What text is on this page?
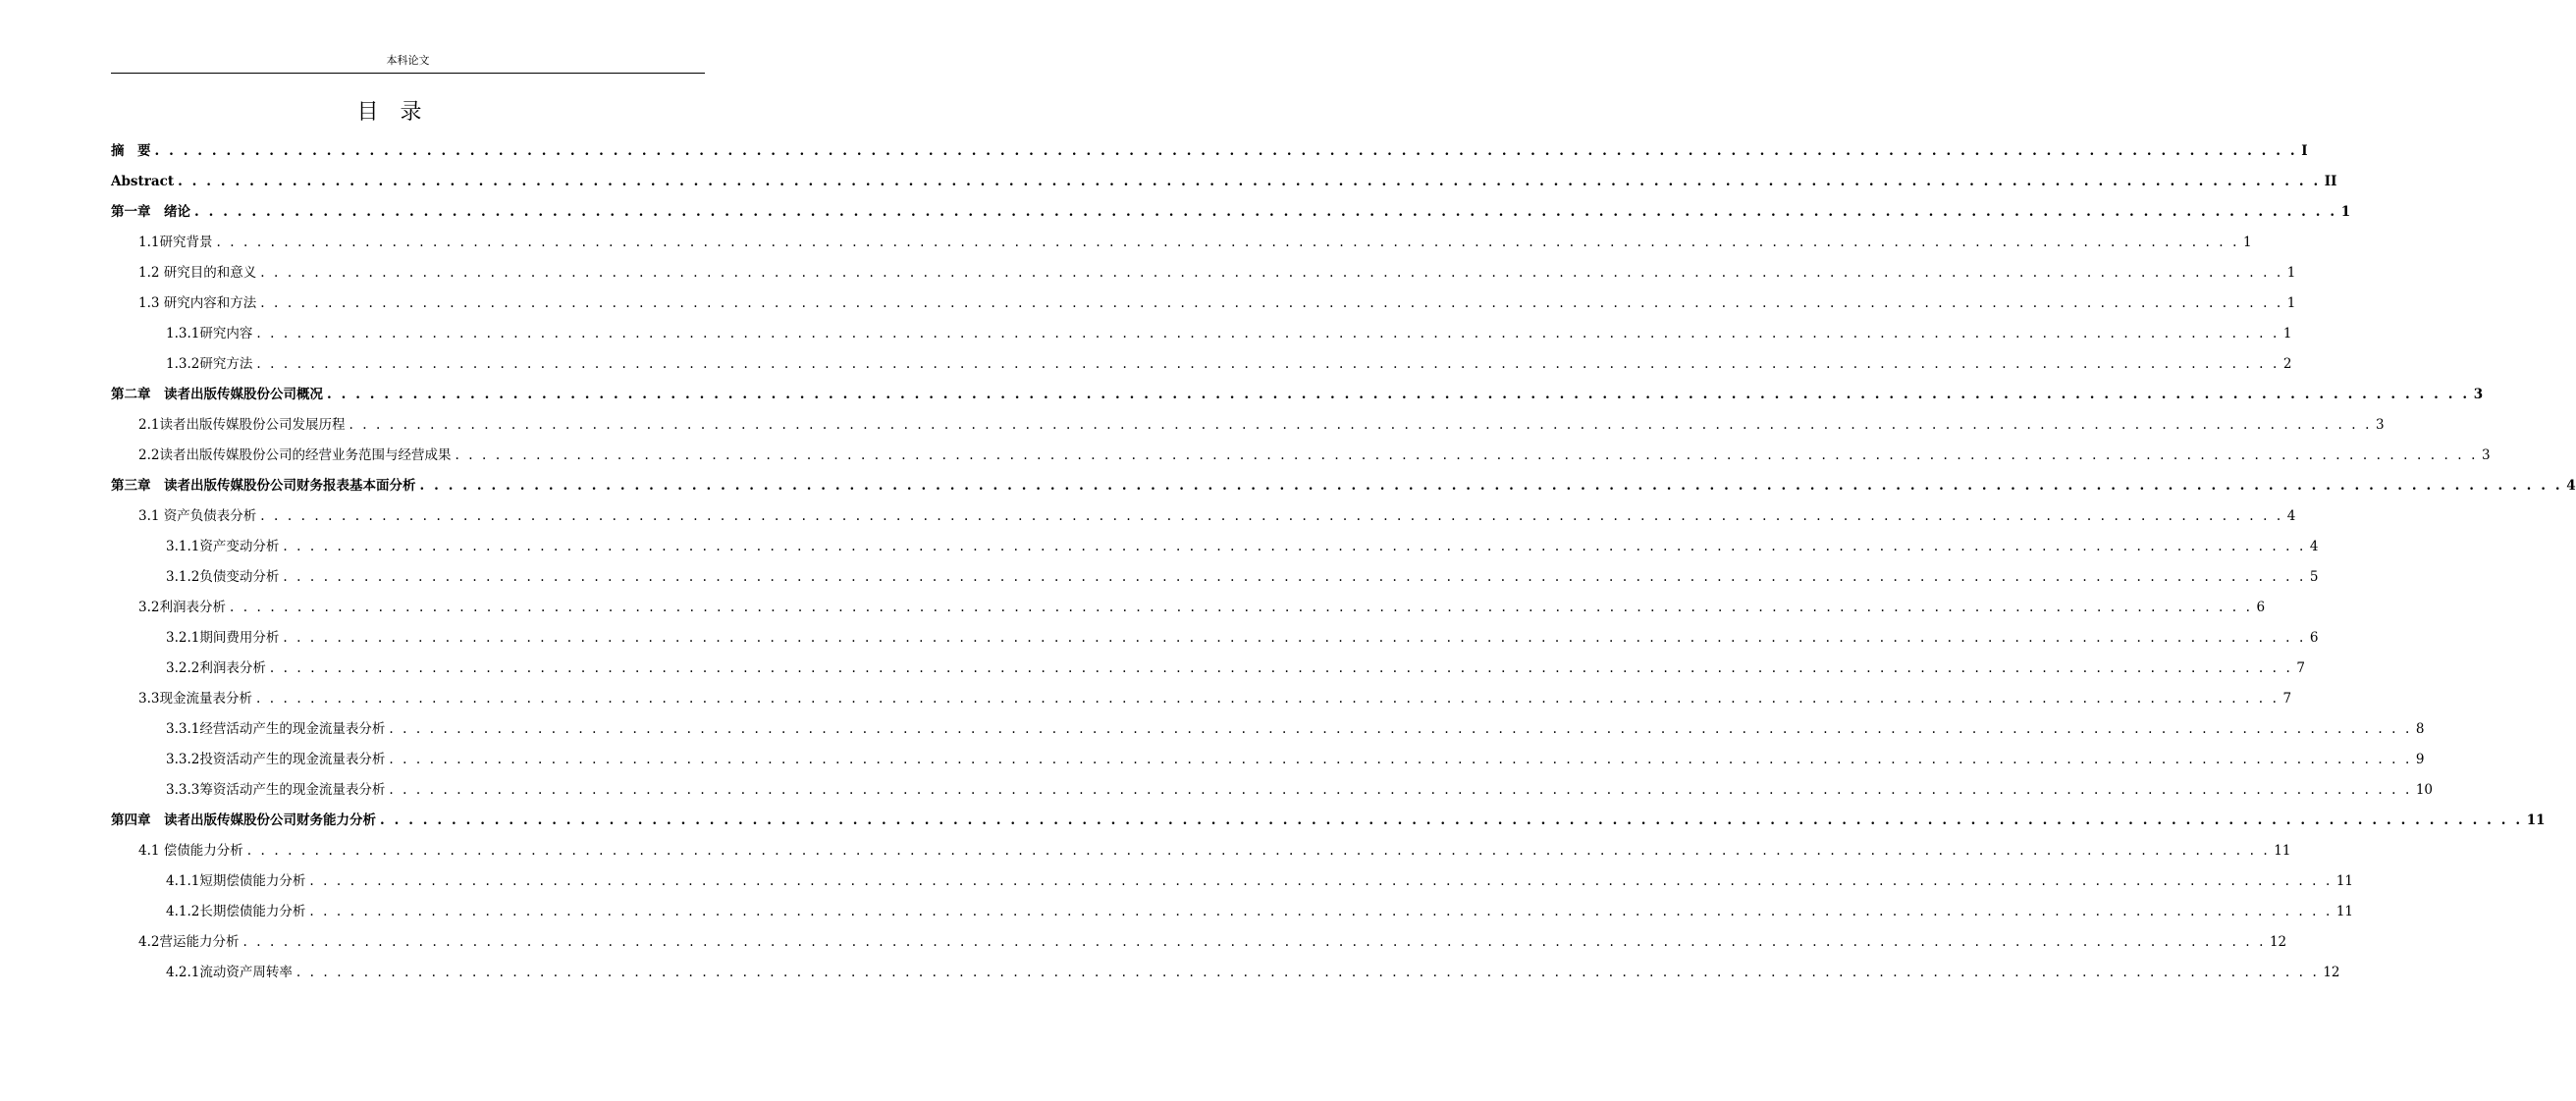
本科论文
目录
摘　要 . . . . . . . . . . . . . . . . . . . . . . . . . . . . . . . . . . . . . . . . . . . . . . . . . . . . . . . . . . . . . . . . . . . . . . . . . . . . . . . . . . . . . . . . . . . . . . . . . . . . . . . . . . . . . . . . . . . . . . . . . . . . . . . . . . . . . . . . . . . . . . . . . . . . . . I
Abstract . . . . . . . . . . . . . . . . . . . . . . . . . . . . . . . . . . . . . . . . . . . . . . . . . . . . . . . . . . . . . . . . . . . . . . . . . . . . . . . . . . . . . . . . . . . . . . . . . . . . . . . . . . . . . . . . . . . . . . . . . . . . . . . . . . . . . . . . . . . . . . . . . . . . . . II
第一章　绪论 . . . . . . . . . . . . . . . . . . . . . . . . . . . . . . . . . . . . . . . . . . . . . . . . . . . . . . . . . . . . . . . . . . . . . . . . . . . . . . . . . . . . . . . . . . . . . . . . . . . . . . . . . . . . . . . . . . . . . . . . . . . . . . . . . . . . . . . . . . . . . . . . . . . . . . 1
1.1研究背景 . . . . . . . . . . . . . . . . . . . . . . . . . . . . . . . . . . . . . . . . . . . . . . . . . . . . . . . . . . . . . . . . . . . . . . . . . . . . . . . . . . . . . . . . . . . . . . . . . . . . . . . . . . . . . . . . . . . . . . . . . . . . . . . . . . . . . . . . . . . . . . . . . . . . . . 1
1.2 研究目的和意义 . . . . . . . . . . . . . . . . . . . . . . . . . . . . . . . . . . . . . . . . . . . . . . . . . . . . . . . . . . . . . . . . . . . . . . . . . . . . . . . . . . . . . . . . . . . . . . . . . . . . . . . . . . . . . . . . . . . . . . . . . . . . . . . . . . . . . . . . . . . . . . . . . . . . . . 1
1.3 研究内容和方法 . . . . . . . . . . . . . . . . . . . . . . . . . . . . . . . . . . . . . . . . . . . . . . . . . . . . . . . . . . . . . . . . . . . . . . . . . . . . . . . . . . . . . . . . . . . . . . . . . . . . . . . . . . . . . . . . . . . . . . . . . . . . . . . . . . . . . . . . . . . . . . . . . . . . . . 1
1.3.1研究内容 . . . . . . . . . . . . . . . . . . . . . . . . . . . . . . . . . . . . . . . . . . . . . . . . . . . . . . . . . . . . . . . . . . . . . . . . . . . . . . . . . . . . . . . . . . . . . . . . . . . . . . . . . . . . . . . . . . . . . . . . . . . . . . . . . . . . . . . . . . . . . . . . . . . . . . 1
1.3.2研究方法 . . . . . . . . . . . . . . . . . . . . . . . . . . . . . . . . . . . . . . . . . . . . . . . . . . . . . . . . . . . . . . . . . . . . . . . . . . . . . . . . . . . . . . . . . . . . . . . . . . . . . . . . . . . . . . . . . . . . . . . . . . . . . . . . . . . . . . . . . . . . . . . . . . . . . . 2
第二章　读者出版传媒股份公司概况 . . . . . . . . . . . . . . . . . . . . . . . . . . . . . . . . . . . . . . . . . . . . . . . . . . . . . . . . . . . . . . . . . . . . . . . . . . . . . . . . . . . . . . . . . . . . . . . . . . . . . . . . . . . . . . . . . . . . . . . . . . . . . . . . . . . . . . . . . . . . . . . . . . . . . . 3
2.1读者出版传媒股份公司发展历程 . . . . . . . . . . . . . . . . . . . . . . . . . . . . . . . . . . . . . . . . . . . . . . . . . . . . . . . . . . . . . . . . . . . . . . . . . . . . . . . . . . . . . . . . . . . . . . . . . . . . . . . . . . . . . . . . . . . . . . . . . . . . . . . . . . . . . . . . . . . . . . . . . . . . . . 3
2.2读者出版传媒股份公司的经营业务范围与经营成果 . . . . . . . . . . . . . . . . . . . . . . . . . . . . . . . . . . . . . . . . . . . . . . . . . . . . . . . . . . . . . . . . . . . . . . . . . . . . . . . . . . . . . . . . . . . . . . . . . . . . . . . . . . . . . . . . . . . . . . . . . . . . . . . . . . . . . . . . . . . . . . . . . . . . . . 3
第三章　读者出版传媒股份公司财务报表基本面分析 . . . . . . . . . . . . . . . . . . . . . . . . . . . . . . . . . . . . . . . . . . . . . . . . . . . . . . . . . . . . . . . . . . . . . . . . . . . . . . . . . . . . . . . . . . . . . . . . . . . . . . . . . . . . . . . . . . . . . . . . . . . . . . . . . . . . . . . . . . . . . . . . . . . . . . 4
3.1 资产负债表分析 . . . . . . . . . . . . . . . . . . . . . . . . . . . . . . . . . . . . . . . . . . . . . . . . . . . . . . . . . . . . . . . . . . . . . . . . . . . . . . . . . . . . . . . . . . . . . . . . . . . . . . . . . . . . . . . . . . . . . . . . . . . . . . . . . . . . . . . . . . . . . . . . . . . . . . 4
3.1.1资产变动分析 . . . . . . . . . . . . . . . . . . . . . . . . . . . . . . . . . . . . . . . . . . . . . . . . . . . . . . . . . . . . . . . . . . . . . . . . . . . . . . . . . . . . . . . . . . . . . . . . . . . . . . . . . . . . . . . . . . . . . . . . . . . . . . . . . . . . . . . . . . . . . . . . . . . . . . 4
3.1.2负债变动分析 . . . . . . . . . . . . . . . . . . . . . . . . . . . . . . . . . . . . . . . . . . . . . . . . . . . . . . . . . . . . . . . . . . . . . . . . . . . . . . . . . . . . . . . . . . . . . . . . . . . . . . . . . . . . . . . . . . . . . . . . . . . . . . . . . . . . . . . . . . . . . . . . . . . . . . 5
3.2利润表分析 . . . . . . . . . . . . . . . . . . . . . . . . . . . . . . . . . . . . . . . . . . . . . . . . . . . . . . . . . . . . . . . . . . . . . . . . . . . . . . . . . . . . . . . . . . . . . . . . . . . . . . . . . . . . . . . . . . . . . . . . . . . . . . . . . . . . . . . . . . . . . . . . . . . . . . 6
3.2.1期间费用分析 . . . . . . . . . . . . . . . . . . . . . . . . . . . . . . . . . . . . . . . . . . . . . . . . . . . . . . . . . . . . . . . . . . . . . . . . . . . . . . . . . . . . . . . . . . . . . . . . . . . . . . . . . . . . . . . . . . . . . . . . . . . . . . . . . . . . . . . . . . . . . . . . . . . . . . 6
3.2.2利润表分析 . . . . . . . . . . . . . . . . . . . . . . . . . . . . . . . . . . . . . . . . . . . . . . . . . . . . . . . . . . . . . . . . . . . . . . . . . . . . . . . . . . . . . . . . . . . . . . . . . . . . . . . . . . . . . . . . . . . . . . . . . . . . . . . . . . . . . . . . . . . . . . . . . . . . . . 7
3.3现金流量表分析 . . . . . . . . . . . . . . . . . . . . . . . . . . . . . . . . . . . . . . . . . . . . . . . . . . . . . . . . . . . . . . . . . . . . . . . . . . . . . . . . . . . . . . . . . . . . . . . . . . . . . . . . . . . . . . . . . . . . . . . . . . . . . . . . . . . . . . . . . . . . . . . . . . . . . . 7
3.3.1经营活动产生的现金流量表分析 . . . . . . . . . . . . . . . . . . . . . . . . . . . . . . . . . . . . . . . . . . . . . . . . . . . . . . . . . . . . . . . . . . . . . . . . . . . . . . . . . . . . . . . . . . . . . . . . . . . . . . . . . . . . . . . . . . . . . . . . . . . . . . . . . . . . . . . . . . . . . . . . . . . . . . 8
3.3.2投资活动产生的现金流量表分析 . . . . . . . . . . . . . . . . . . . . . . . . . . . . . . . . . . . . . . . . . . . . . . . . . . . . . . . . . . . . . . . . . . . . . . . . . . . . . . . . . . . . . . . . . . . . . . . . . . . . . . . . . . . . . . . . . . . . . . . . . . . . . . . . . . . . . . . . . . . . . . . . . . . . . . 9
3.3.3筹资活动产生的现金流量表分析 . . . . . . . . . . . . . . . . . . . . . . . . . . . . . . . . . . . . . . . . . . . . . . . . . . . . . . . . . . . . . . . . . . . . . . . . . . . . . . . . . . . . . . . . . . . . . . . . . . . . . . . . . . . . . . . . . . . . . . . . . . . . . . . . . . . . . . . . . . . . . . . . . . . . . . 10
第四章　读者出版传媒股份公司财务能力分析 . . . . . . . . . . . . . . . . . . . . . . . . . . . . . . . . . . . . . . . . . . . . . . . . . . . . . . . . . . . . . . . . . . . . . . . . . . . . . . . . . . . . . . . . . . . . . . . . . . . . . . . . . . . . . . . . . . . . . . . . . . . . . . . . . . . . . . . . . . . . . . . . . . . . . . 11
4.1 偿债能力分析 . . . . . . . . . . . . . . . . . . . . . . . . . . . . . . . . . . . . . . . . . . . . . . . . . . . . . . . . . . . . . . . . . . . . . . . . . . . . . . . . . . . . . . . . . . . . . . . . . . . . . . . . . . . . . . . . . . . . . . . . . . . . . . . . . . . . . . . . . . . . . . . . . . . . . . 11
4.1.1短期偿债能力分析 . . . . . . . . . . . . . . . . . . . . . . . . . . . . . . . . . . . . . . . . . . . . . . . . . . . . . . . . . . . . . . . . . . . . . . . . . . . . . . . . . . . . . . . . . . . . . . . . . . . . . . . . . . . . . . . . . . . . . . . . . . . . . . . . . . . . . . . . . . . . . . . . . . . . . . 11
4.1.2长期偿债能力分析 . . . . . . . . . . . . . . . . . . . . . . . . . . . . . . . . . . . . . . . . . . . . . . . . . . . . . . . . . . . . . . . . . . . . . . . . . . . . . . . . . . . . . . . . . . . . . . . . . . . . . . . . . . . . . . . . . . . . . . . . . . . . . . . . . . . . . . . . . . . . . . . . . . . . . . 11
4.2营运能力分析 . . . . . . . . . . . . . . . . . . . . . . . . . . . . . . . . . . . . . . . . . . . . . . . . . . . . . . . . . . . . . . . . . . . . . . . . . . . . . . . . . . . . . . . . . . . . . . . . . . . . . . . . . . . . . . . . . . . . . . . . . . . . . . . . . . . . . . . . . . . . . . . . . . . . . . 12
4.2.1流动资产周转率 . . . . . . . . . . . . . . . . . . . . . . . . . . . . . . . . . . . . . . . . . . . . . . . . . . . . . . . . . . . . . . . . . . . . . . . . . . . . . . . . . . . . . . . . . . . . . . . . . . . . . . . . . . . . . . . . . . . . . . . . . . . . . . . . . . . . . . . . . . . . . . . . . . . . . . 12
